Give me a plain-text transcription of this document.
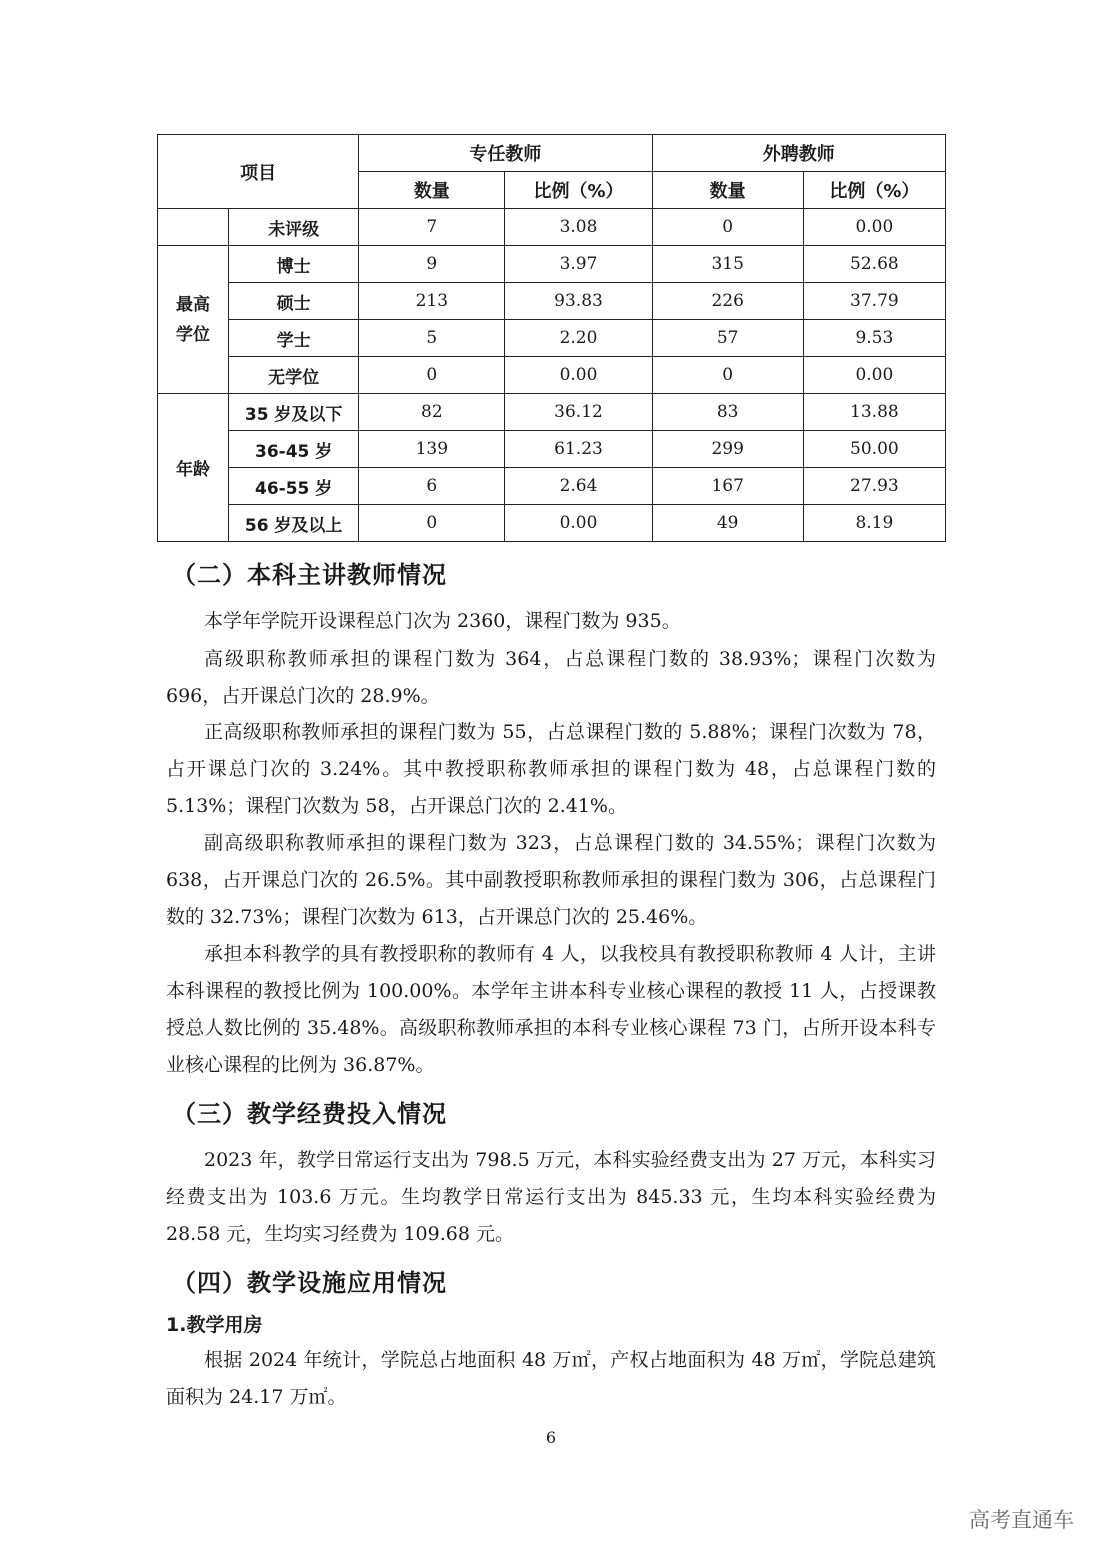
项目		专任教师		外聘教师	
		数量	比例（%）	数量	比例（%）
	未评级	7	3.08	0	0.00
最高学位	博士	9	3.97	315	52.68
	硕士	213	93.83	226	37.79
	学士	5	2.20	57	9.53
	无学位	0	0.00	0	0.00
年龄	35 岁及以下	82	36.12	83	13.88
	36-45 岁	139	61.23	299	50.00
	46-55 岁	6	2.64	167	27.93
	56 岁及以上	0	0.00	49	8.19
（二）本科主讲教师情况

本学年学院开设课程总门次为 2360，课程门数为 935。

高级职称教师承担的课程门数为 364，占总课程门数的 38.93%；课程门次数为 696，占开课总门次的 28.9%。

正高级职称教师承担的课程门数为 55，占总课程门数的 5.88%；课程门次数为 78，占开课总门次的 3.24%。其中教授职称教师承担的课程门数为 48，占总课程门数的 5.13%；课程门次数为 58，占开课总门次的 2.41%。

副高级职称教师承担的课程门数为 323，占总课程门数的 34.55%；课程门次数为 638，占开课总门次的 26.5%。其中副教授职称教师承担的课程门数为 306，占总课程门数的 32.73%；课程门次数为 613，占开课总门次的 25.46%。

承担本科教学的具有教授职称的教师有 4 人，以我校具有教授职称教师 4 人计，主讲本科课程的教授比例为 100.00%。本学年主讲本科专业核心课程的教授 11 人，占授课教授总人数比例的 35.48%。高级职称教师承担的本科专业核心课程 73 门，占所开设本科专业核心课程的比例为 36.87%。

（三）教学经费投入情况

2023 年，教学日常运行支出为 798.5 万元，本科实验经费支出为 27 万元，本科实习经费支出为 103.6 万元。生均教学日常运行支出为 845.33 元，生均本科实验经费为 28.58 元，生均实习经费为 109.68 元。

（四）教学设施应用情况
1.教学用房

根据 2024 年统计，学院总占地面积 48 万㎡，产权占地面积为 48 万㎡，学院总建筑面积为 24.17 万㎡。

6
高考直通车
